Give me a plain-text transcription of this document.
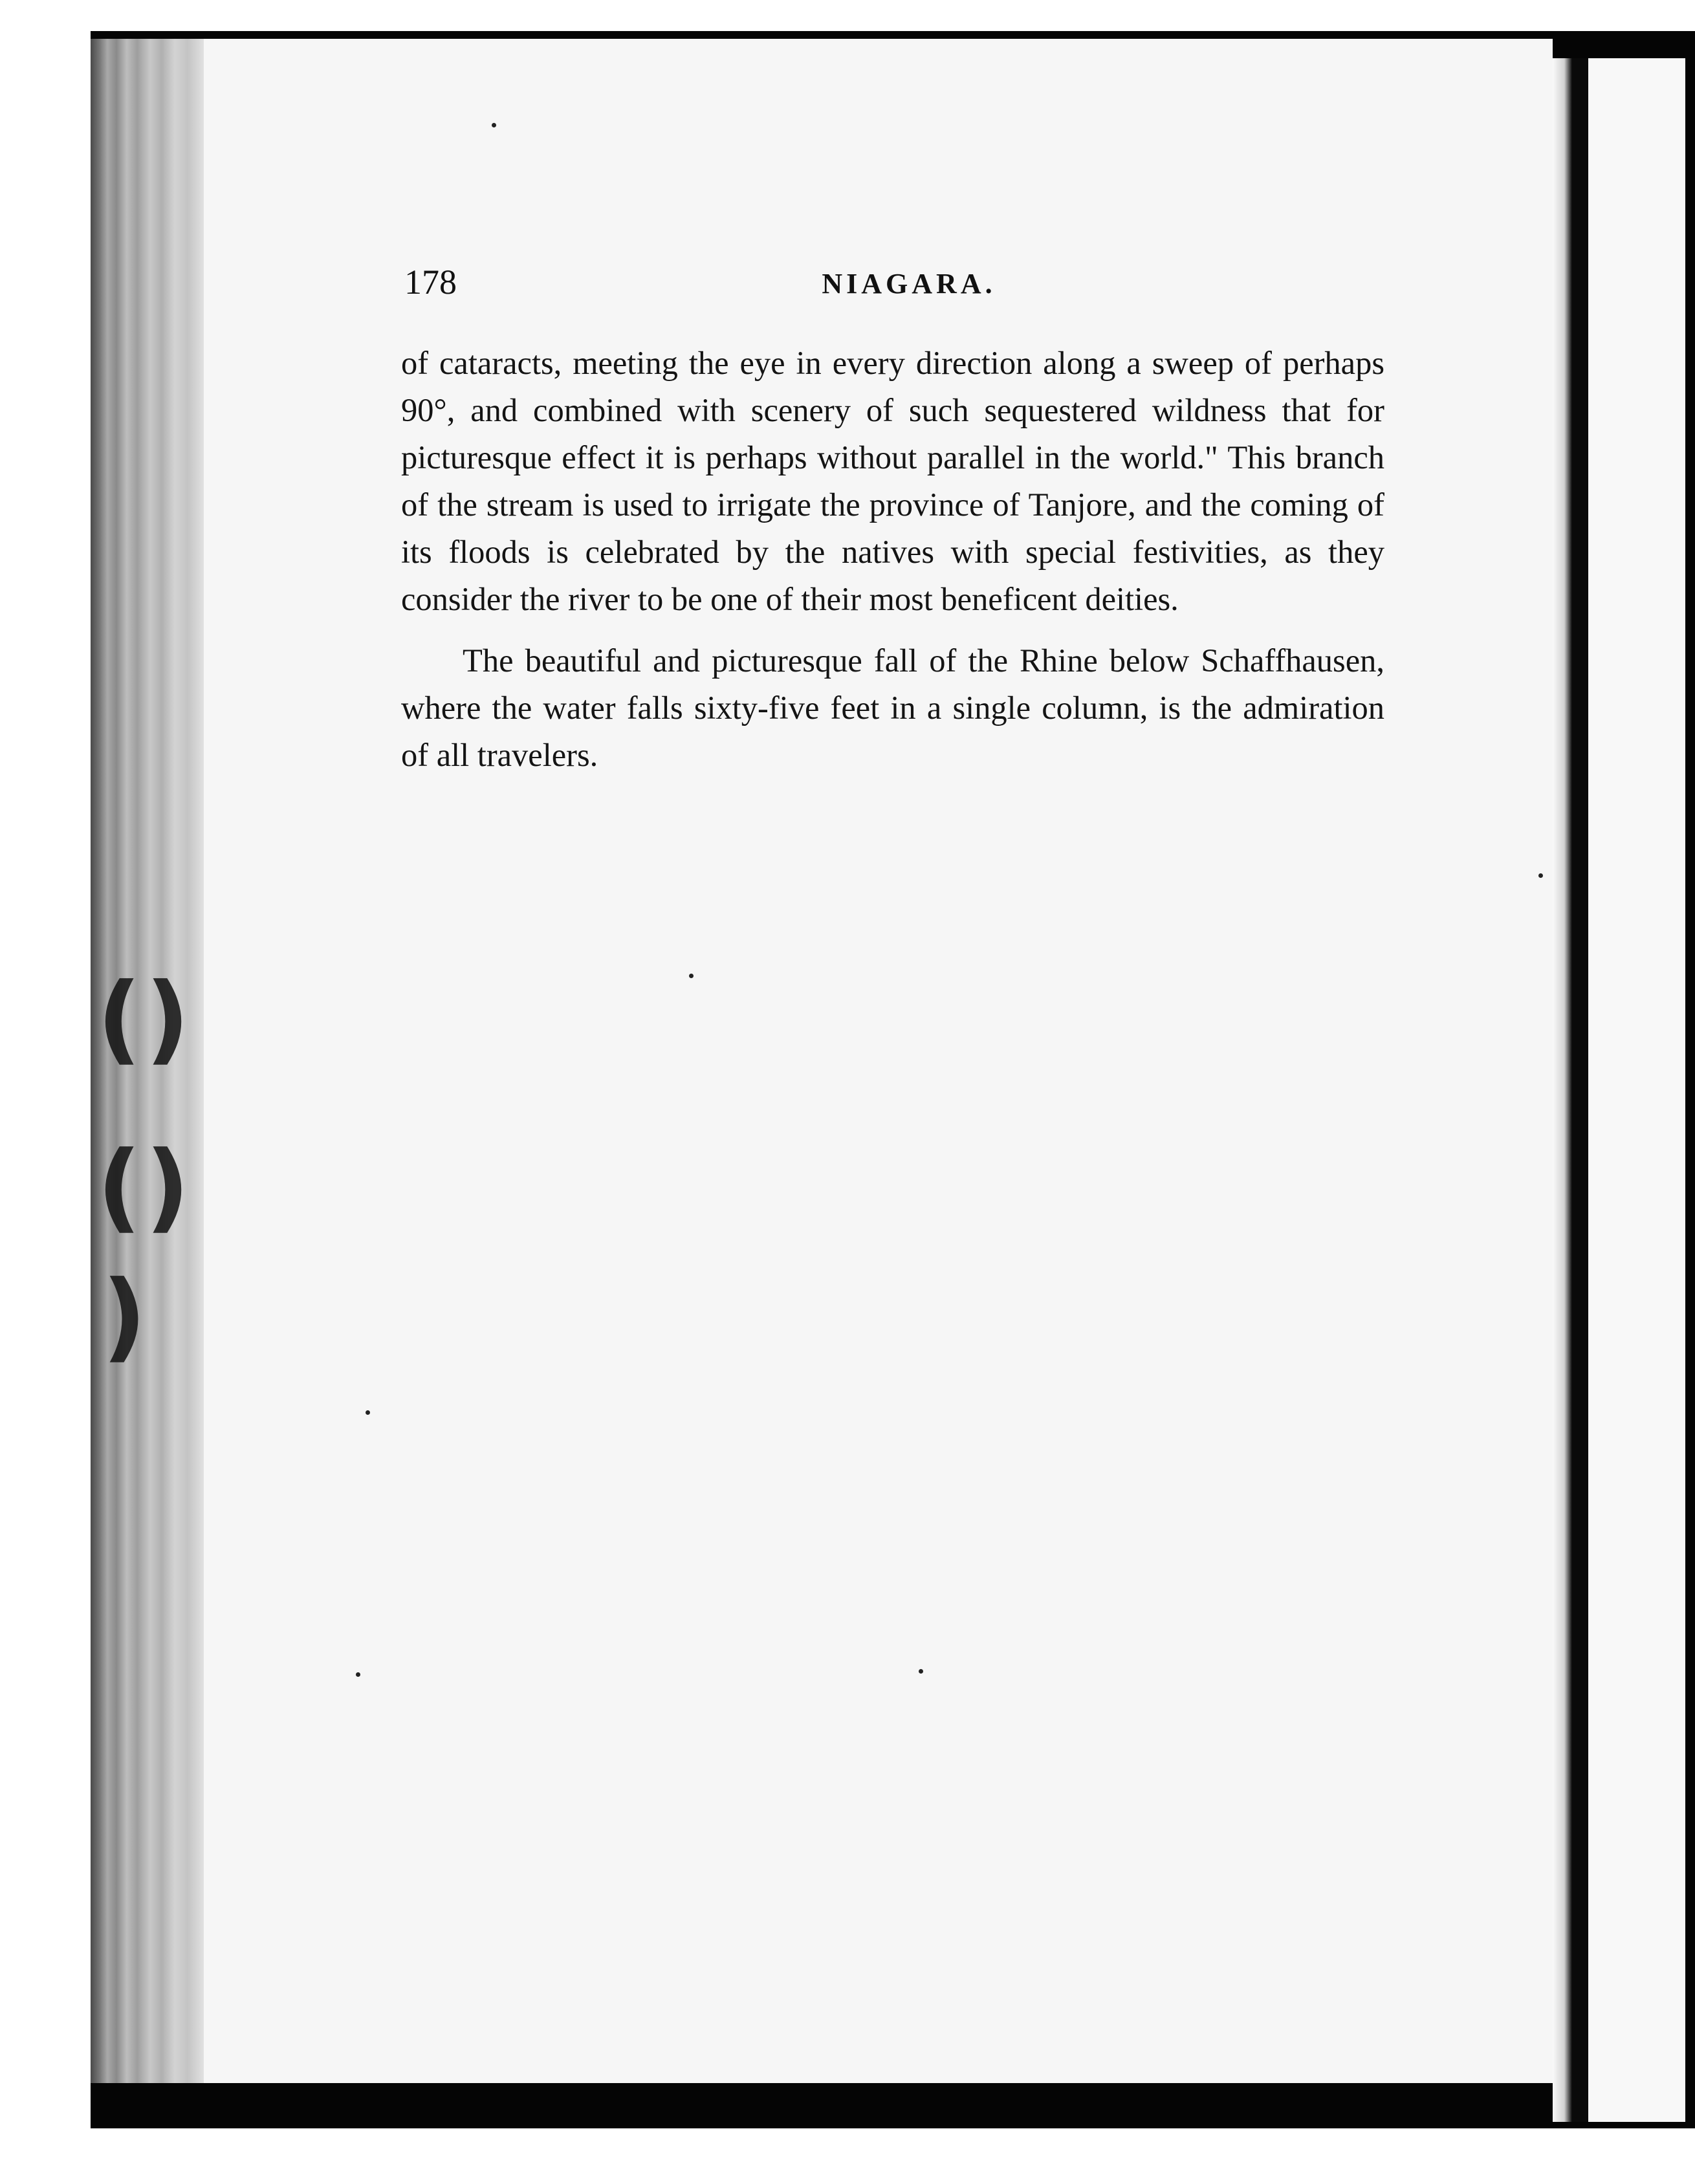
()
()
)
178	NIAGARA.

of cataracts, meeting the eye in every direction along a sweep of perhaps 90°, and combined with scenery of such sequestered wildness that for picturesque effect it is perhaps without parallel in the world." This branch of the stream is used to irrigate the province of Tanjore, and the coming of its floods is celebrated by the natives with special festivities, as they consider the river to be one of their most beneficent deities.

The beautiful and picturesque fall of the Rhine below Schaffhausen, where the water falls sixty-five feet in a single column, is the admiration of all travelers.
